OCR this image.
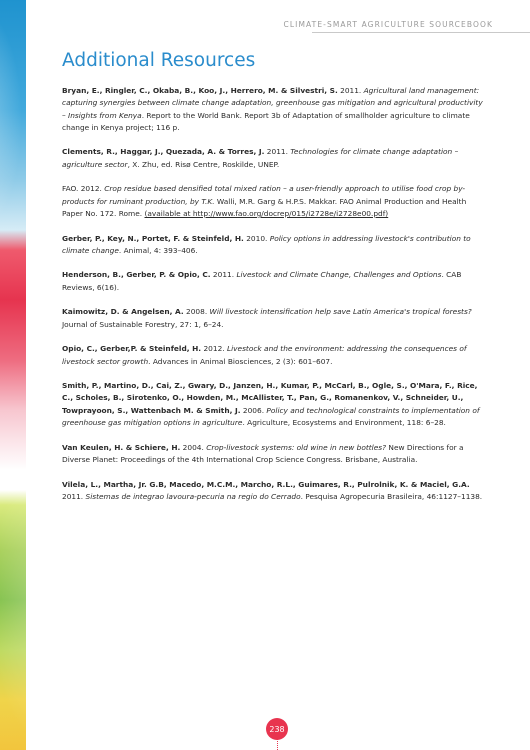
CLIMATE-SMART AGRICULTURE SOURCEBOOK
Additional Resources

Bryan, E., Ringler, C., Okaba, B., Koo, J., Herrero, M. & Silvestri, S. 2011. Agricultural land management: capturing synergies between climate change adaptation, greenhouse gas mitigation and agricultural productivity – Insights from Kenya. Report to the World Bank. Report 3b of Adaptation of smallholder agriculture to climate change in Kenya project; 116 p.

Clements, R., Haggar, J., Quezada, A. & Torres, J. 2011. Technologies for climate change adaptation – agriculture sector, X. Zhu, ed. Risø Centre, Roskilde, UNEP.

FAO. 2012. Crop residue based densified total mixed ration – a user-friendly approach to utilise food crop by-products for ruminant production, by T.K. Walli, M.R. Garg & H.P.S. Makkar. FAO Animal Production and Health Paper No. 172. Rome. (available at http://www.fao.org/docrep/015/i2728e/i2728e00.pdf)

Gerber, P., Key, N., Portet, F. & Steinfeld, H. 2010. Policy options in addressing livestock's contribution to climate change. Animal, 4: 393–406.

Henderson, B., Gerber, P. & Opio, C. 2011. Livestock and Climate Change, Challenges and Options. CAB Reviews, 6(16).

Kaimowitz, D. & Angelsen, A. 2008. Will livestock intensification help save Latin America's tropical forests? Journal of Sustainable Forestry, 27: 1, 6–24.

Opio, C., Gerber,P. & Steinfeld, H. 2012. Livestock and the environment: addressing the consequences of livestock sector growth. Advances in Animal Biosciences, 2 (3): 601–607.

Smith, P., Martino, D., Cai, Z., Gwary, D., Janzen, H., Kumar, P., McCarl, B., Ogle, S., O'Mara, F., Rice, C., Scholes, B., Sirotenko, O., Howden, M., McAllister, T., Pan, G., Romanenkov, V., Schneider, U., Towprayoon, S., Wattenbach M. & Smith, J. 2006. Policy and technological constraints to implementation of greenhouse gas mitigation options in agriculture. Agriculture, Ecosystems and Environment, 118: 6–28.

Van Keulen, H. & Schiere, H. 2004. Crop-livestock systems: old wine in new bottles? New Directions for a Diverse Planet: Proceedings of the 4th International Crop Science Congress. Brisbane, Australia.

Vilela, L., Martha, Jr. G.B, Macedo, M.C.M., Marcho, R.L., Guimares, R., Pulrolnik, K. & Maciel, G.A. 2011. Sistemas de integrao lavoura-pecuria na regio do Cerrado. Pesquisa Agropecuria Brasileira, 46:1127–1138.

238
